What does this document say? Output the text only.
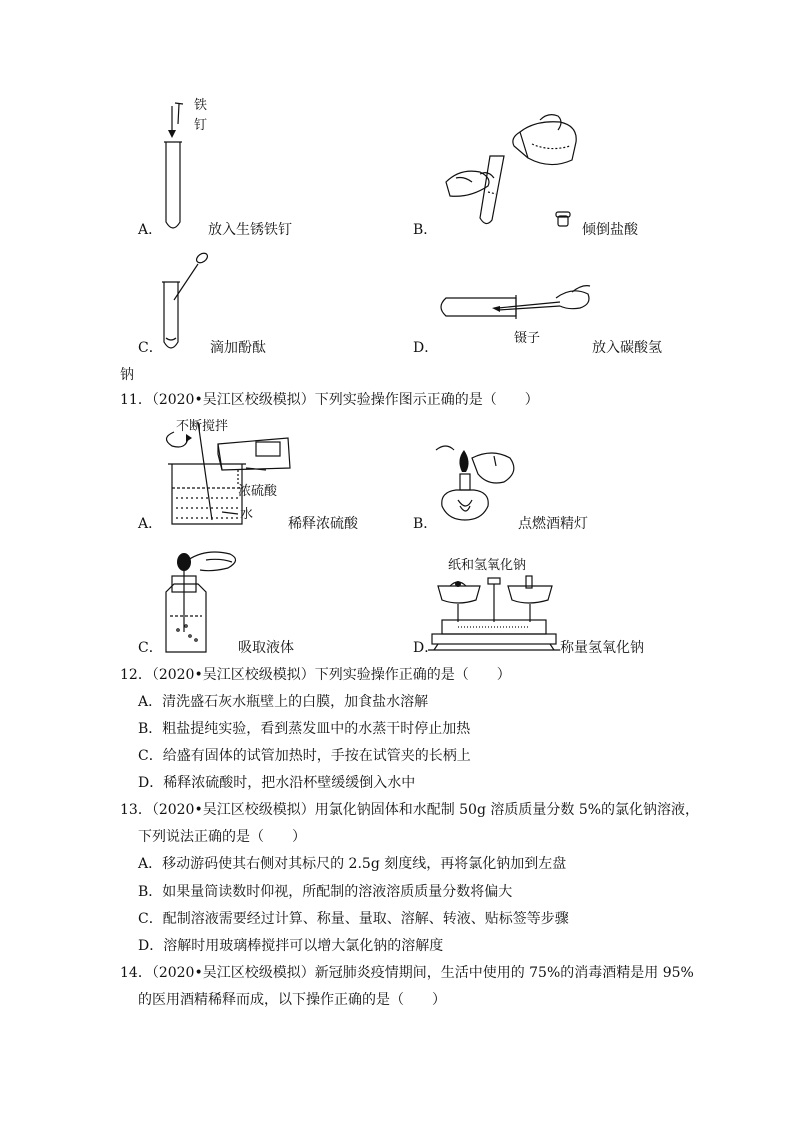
铁
钉
A．	放入生锈铁钉	B．	倾倒盐酸
C．	滴加酚酞
镊子
D．	放入碳酸氢
钠
11．（2020•吴江区校级模拟）下列实验操作图示正确的是（　　）
不断搅拌
浓硫酸
水
A．	稀释浓硫酸	B．	点燃酒精灯
C．	吸取液体
纸和氢氧化钠
D．	称量氢氧化钠
12．（2020•吴江区校级模拟）下列实验操作正确的是（　　）
A．清洗盛石灰水瓶壁上的白膜，加食盐水溶解
B．粗盐提纯实验，看到蒸发皿中的水蒸干时停止加热
C．给盛有固体的试管加热时，手按在试管夹的长柄上
D．稀释浓硫酸时，把水沿杯壁缓缓倒入水中
13．（2020•吴江区校级模拟）用氯化钠固体和水配制 50g 溶质质量分数 5%的氯化钠溶液，
下列说法正确的是（　　）
A．移动游码使其右侧对其标尺的 2.5g 刻度线，再将氯化钠加到左盘
B．如果量筒读数时仰视，所配制的溶液溶质质量分数将偏大
C．配制溶液需要经过计算、称量、量取、溶解、转液、贴标签等步骤
D．溶解时用玻璃棒搅拌可以增大氯化钠的溶解度
14．（2020•吴江区校级模拟）新冠肺炎疫情期间，生活中使用的 75%的消毒酒精是用 95%
的医用酒精稀释而成，以下操作正确的是（　　）
